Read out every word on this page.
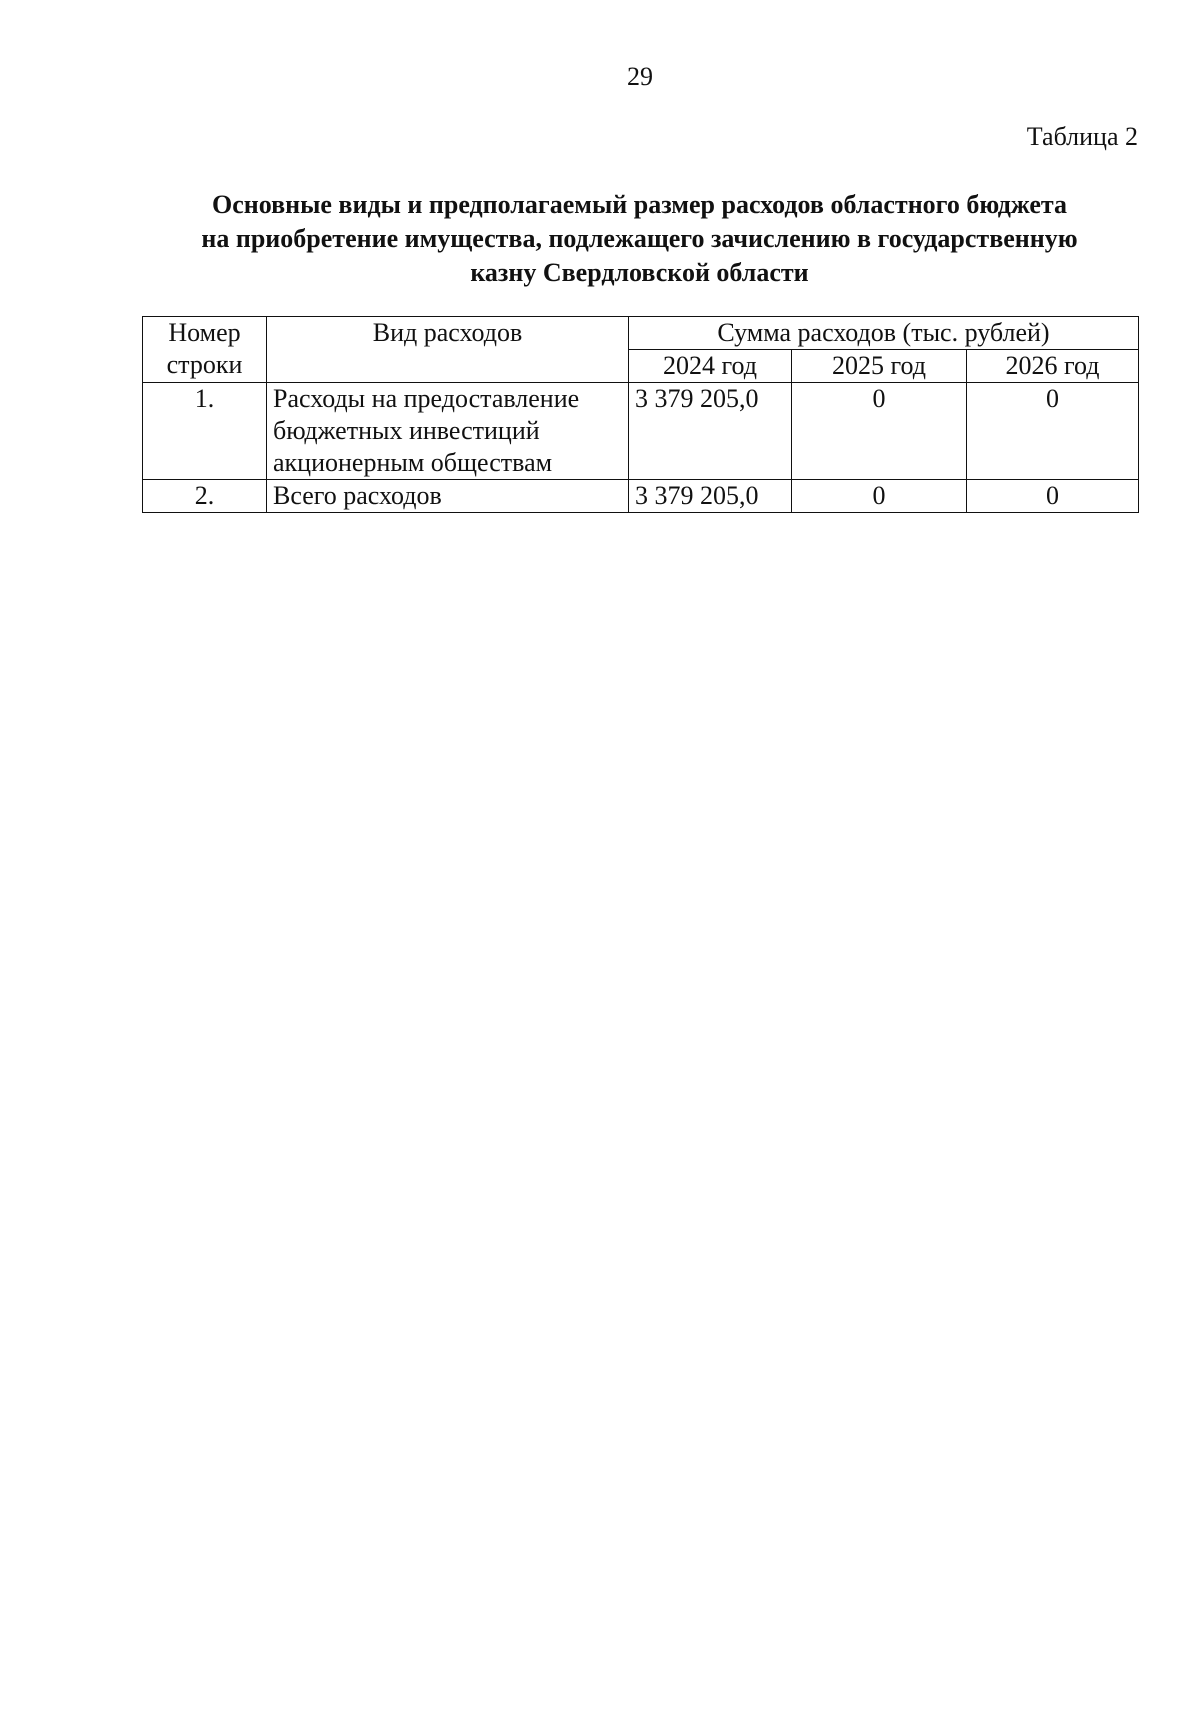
29
Таблица 2
Основные виды и предполагаемый размер расходов областного бюджета
на приобретение имущества, подлежащего зачислению в государственную
казну Свердловской области
Номер
строки	Вид расходов	Сумма расходов (тыс. рублей)		
		2024 год	2025 год	2026 год
1.	Расходы на предоставление
бюджетных инвестиций
акционерным обществам	3 379 205,0	0	0
2.	Всего расходов	3 379 205,0	0	0
